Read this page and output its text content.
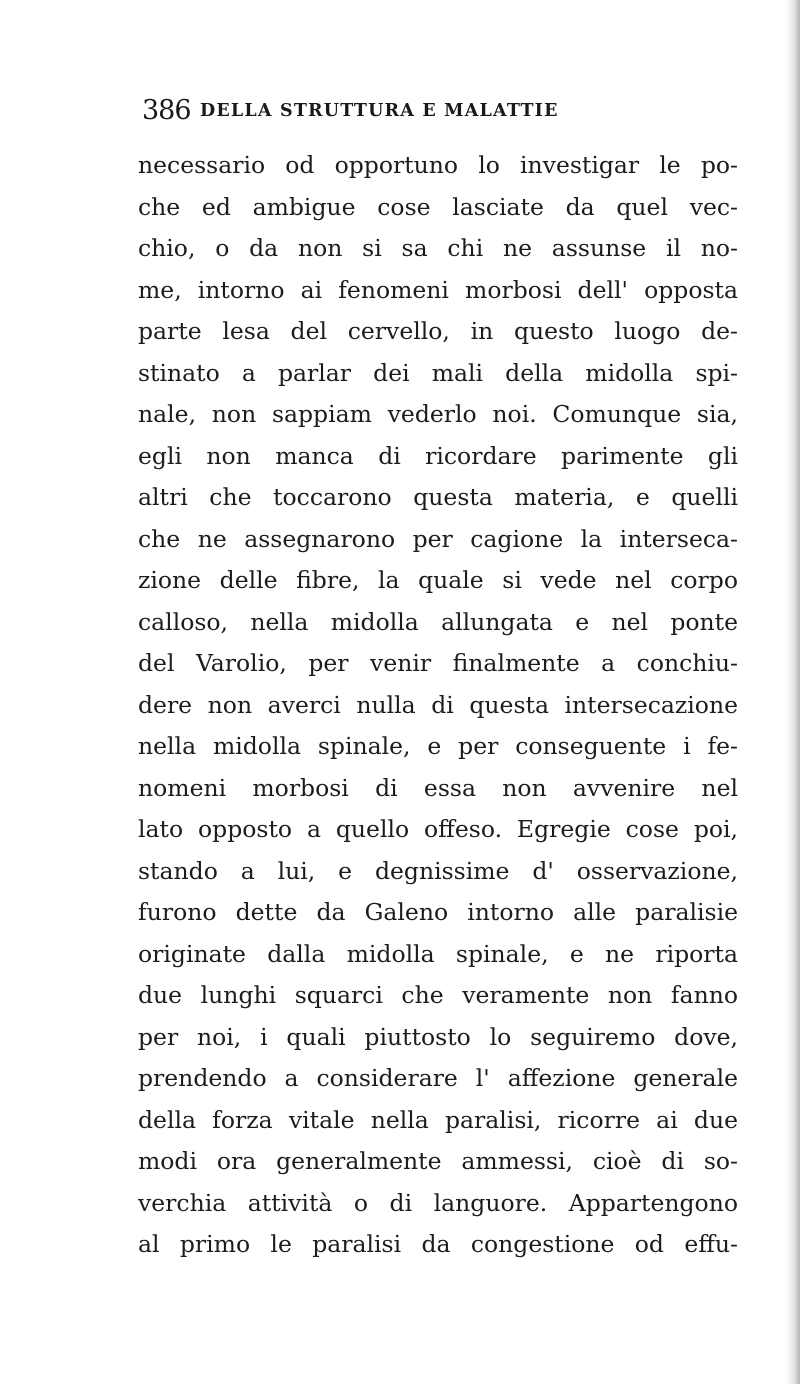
386 DELLA STRUTTURA E MALATTIE
necessario od opportuno lo investigar le po-
che ed ambigue cose lasciate da quel vec-
chio, o da non si sa chi ne assunse il no-
me, intorno ai fenomeni morbosi dell' opposta
parte lesa del cervello, in questo luogo de-
stinato a parlar dei mali della midolla spi-
nale, non sappiam vederlo noi. Comunque sia,
egli non manca di ricordare parimente gli
altri che toccarono questa materia, e quelli
che ne assegnarono per cagione la interseca-
zione delle fibre, la quale si vede nel corpo
calloso, nella midolla allungata e nel ponte
del Varolio, per venir finalmente a conchiu-
dere non averci nulla di questa intersecazione
nella midolla spinale, e per conseguente i fe-
nomeni morbosi di essa non avvenire nel
lato opposto a quello offeso. Egregie cose poi,
stando a lui, e degnissime d' osservazione,
furono dette da Galeno intorno alle paralisie
originate dalla midolla spinale, e ne riporta
due lunghi squarci che veramente non fanno
per noi, i quali piuttosto lo seguiremo dove,
prendendo a considerare l' affezione generale
della forza vitale nella paralisi, ricorre ai due
modi ora generalmente ammessi, cioè di so-
verchia attività o di languore. Appartengono
al primo le paralisi da congestione od effu-
